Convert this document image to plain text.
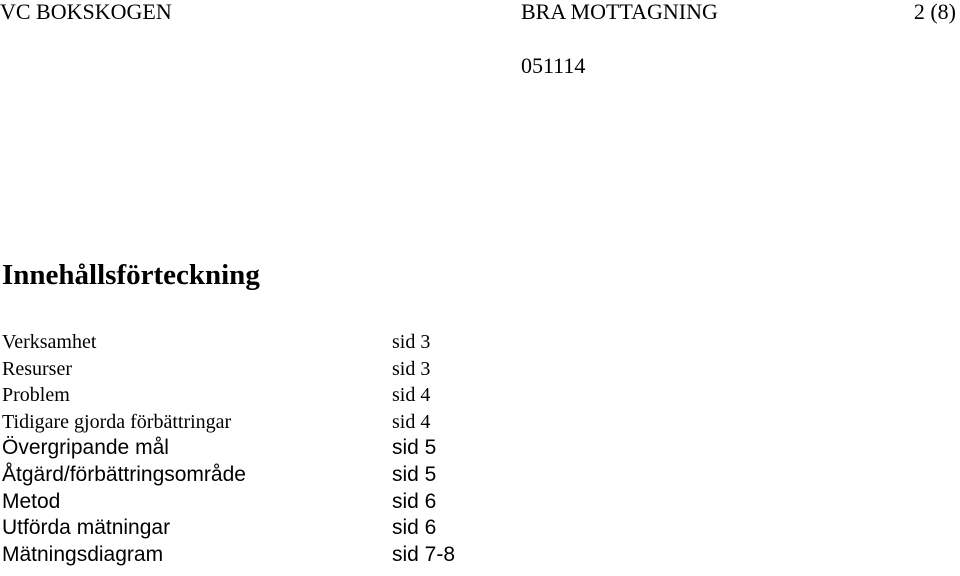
VC BOKSKOGEN	BRA MOTTAGNING	2 (8)
051114
Innehållsförteckning
Verksamhet	sid 3
Resurser	sid 3
Problem	sid 4
Tidigare gjorda förbättringar	sid 4
Övergripande mål	sid 5
Åtgärd/förbättringsområde	sid 5
Metod	sid 6
Utförda mätningar	sid 6
Mätningsdiagram	sid 7-8
